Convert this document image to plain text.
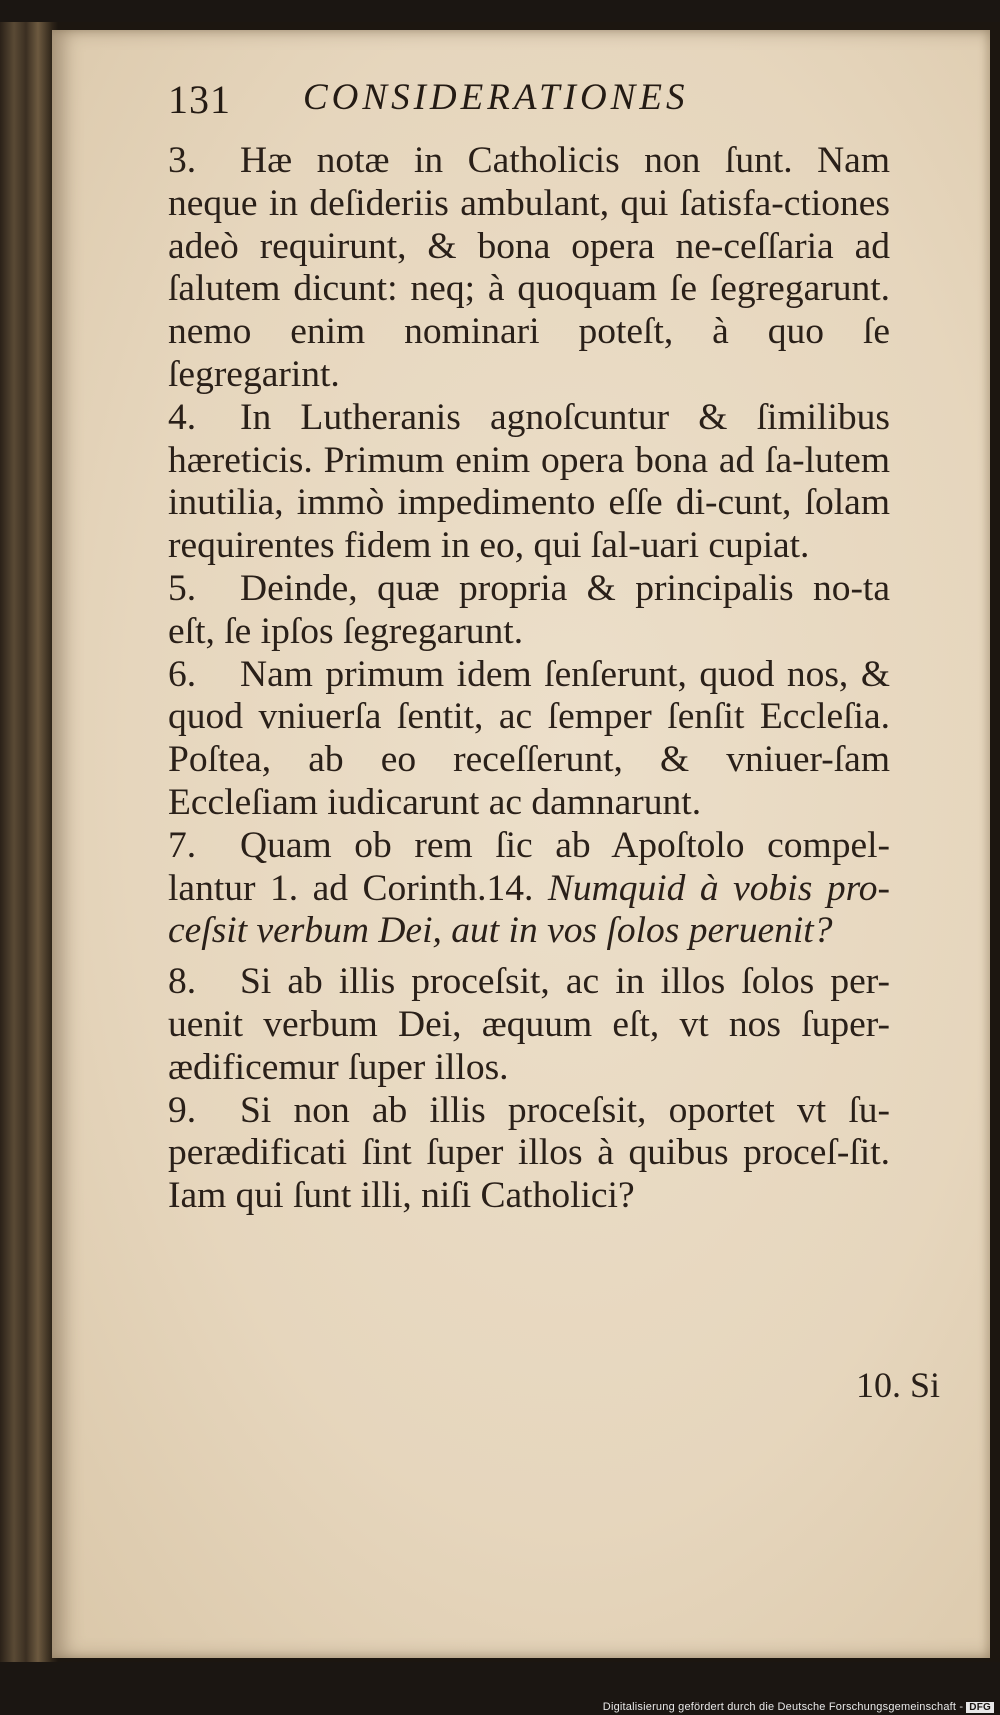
131 CONSIDERATIONES

3. Hæ notæ in Catholicis non ſunt. Nam neque in deſideriis ambulant, qui ſatisfa-ctiones adeò requirunt, & bona opera ne-ceſſaria ad ſalutem dicunt: neq; à quoquam ſe ſegregarunt. nemo enim nominari poteſt, à quo ſe ſegregarint.

4. In Lutheranis agnoſcuntur & ſimilibus hæreticis. Primum enim opera bona ad ſa-lutem inutilia, immò impedimento eſſe di-cunt, ſolam requirentes fidem in eo, qui ſal-uari cupiat.

5. Deinde, quæ propria & principalis no-ta eſt, ſe ipſos ſegregarunt.

6. Nam primum idem ſenſerunt, quod nos, & quod vniuerſa ſentit, ac ſemper ſenſit Eccleſia. Poſtea, ab eo receſſerunt, & vniuer-ſam Eccleſiam iudicarunt ac damnarunt.

7. Quam ob rem ſic ab Apoſtolo compel-lantur 1. ad Corinth.14. Numquid à vobis pro-ceſsit verbum Dei, aut in vos ſolos peruenit?

8. Si ab illis proceſsit, ac in illos ſolos per-uenit verbum Dei, æquum eſt, vt nos ſuper-ædificemur ſuper illos.

9. Si non ab illis proceſsit, oportet vt ſu-perædificati ſint ſuper illos à quibus proceſ-ſit. Iam qui ſunt illi, niſi Catholici?

10. Si
Digitalisierung gefördert durch die Deutsche Forschungsgemeinschaft - DFG
